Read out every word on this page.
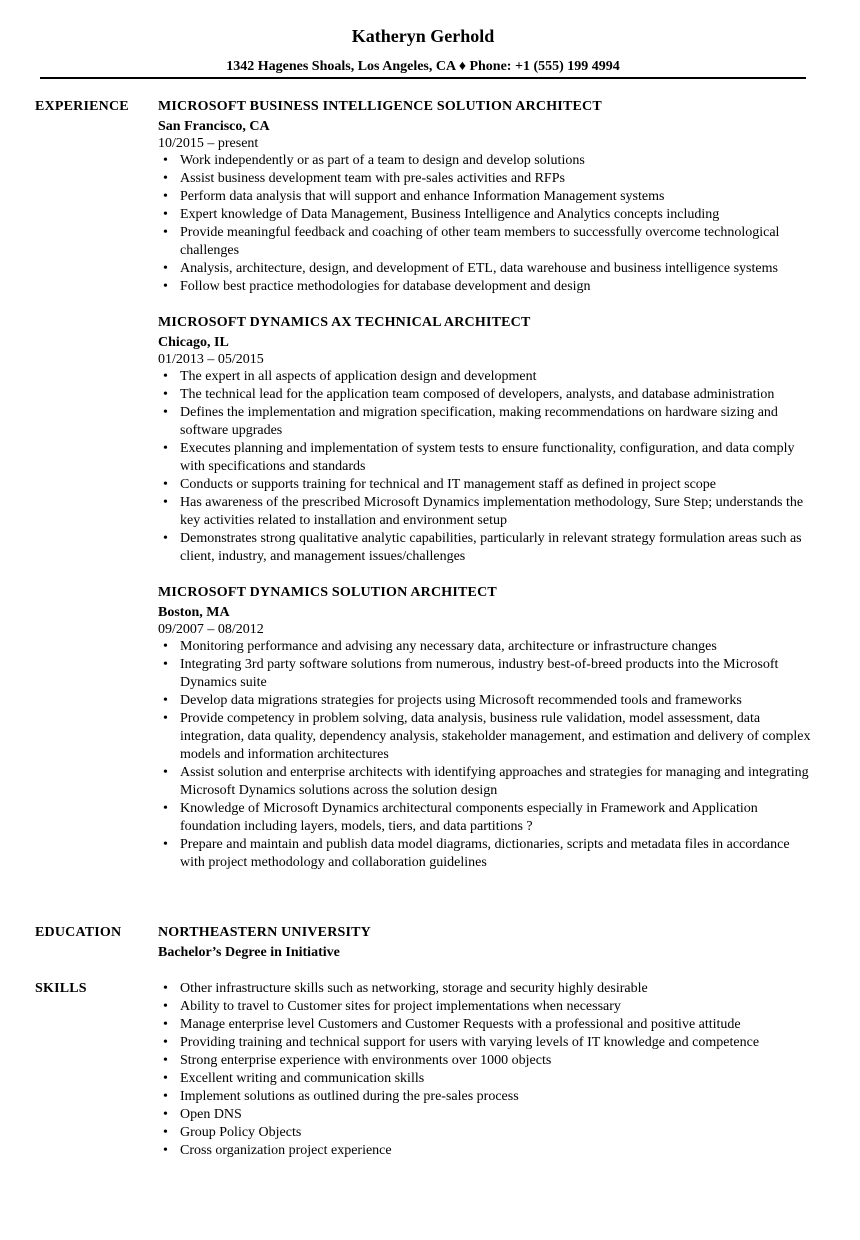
Katheryn Gerhold
1342 Hagenes Shoals, Los Angeles, CA ♦ Phone: +1 (555) 199 4994
EXPERIENCE MICROSOFT BUSINESS INTELLIGENCE SOLUTION ARCHITECT
San Francisco, CA
10/2015 – present
• Work independently or as part of a team to design and develop solutions
• Assist business development team with pre-sales activities and RFPs
• Perform data analysis that will support and enhance Information Management systems
• Expert knowledge of Data Management, Business Intelligence and Analytics concepts including
• Provide meaningful feedback and coaching of other team members to successfully overcome technological challenges
• Analysis, architecture, design, and development of ETL, data warehouse and business intelligence systems
• Follow best practice methodologies for database development and design
MICROSOFT DYNAMICS AX TECHNICAL ARCHITECT
Chicago, IL
01/2013 – 05/2015
• The expert in all aspects of application design and development
• The technical lead for the application team composed of developers, analysts, and database administration
• Defines the implementation and migration specification, making recommendations on hardware sizing and software upgrades
• Executes planning and implementation of system tests to ensure functionality, configuration, and data comply with specifications and standards
• Conducts or supports training for technical and IT management staff as defined in project scope
• Has awareness of the prescribed Microsoft Dynamics implementation methodology, Sure Step; understands the key activities related to installation and environment setup
• Demonstrates strong qualitative analytic capabilities, particularly in relevant strategy formulation areas such as client, industry, and management issues/challenges
MICROSOFT DYNAMICS SOLUTION ARCHITECT
Boston, MA
09/2007 – 08/2012
• Monitoring performance and advising any necessary data, architecture or infrastructure changes
• Integrating 3rd party software solutions from numerous, industry best-of-breed products into the Microsoft Dynamics suite
• Develop data migrations strategies for projects using Microsoft recommended tools and frameworks
• Provide competency in problem solving, data analysis, business rule validation, model assessment, data integration, data quality, dependency analysis, stakeholder management, and estimation and delivery of complex models and information architectures
• Assist solution and enterprise architects with identifying approaches and strategies for managing and integrating Microsoft Dynamics solutions across the solution design
• Knowledge of Microsoft Dynamics architectural components especially in Framework and Application foundation including layers, models, tiers, and data partitions ?
• Prepare and maintain and publish data model diagrams, dictionaries, scripts and metadata files in accordance with project methodology and collaboration guidelines
EDUCATION	NORTHEASTERN UNIVERSITY
Bachelor’s Degree in Initiative
SKILLS
•	Other infrastructure skills such as networking, storage and security highly desirable
• Ability to travel to Customer sites for project implementations when necessary
• Manage enterprise level Customers and Customer Requests with a professional and positive attitude
• Providing training and technical support for users with varying levels of IT knowledge and competence
• Strong enterprise experience with environments over 1000 objects
• Excellent writing and communication skills
• Implement solutions as outlined during the pre-sales process
• Open DNS
• Group Policy Objects
• Cross organization project experience
